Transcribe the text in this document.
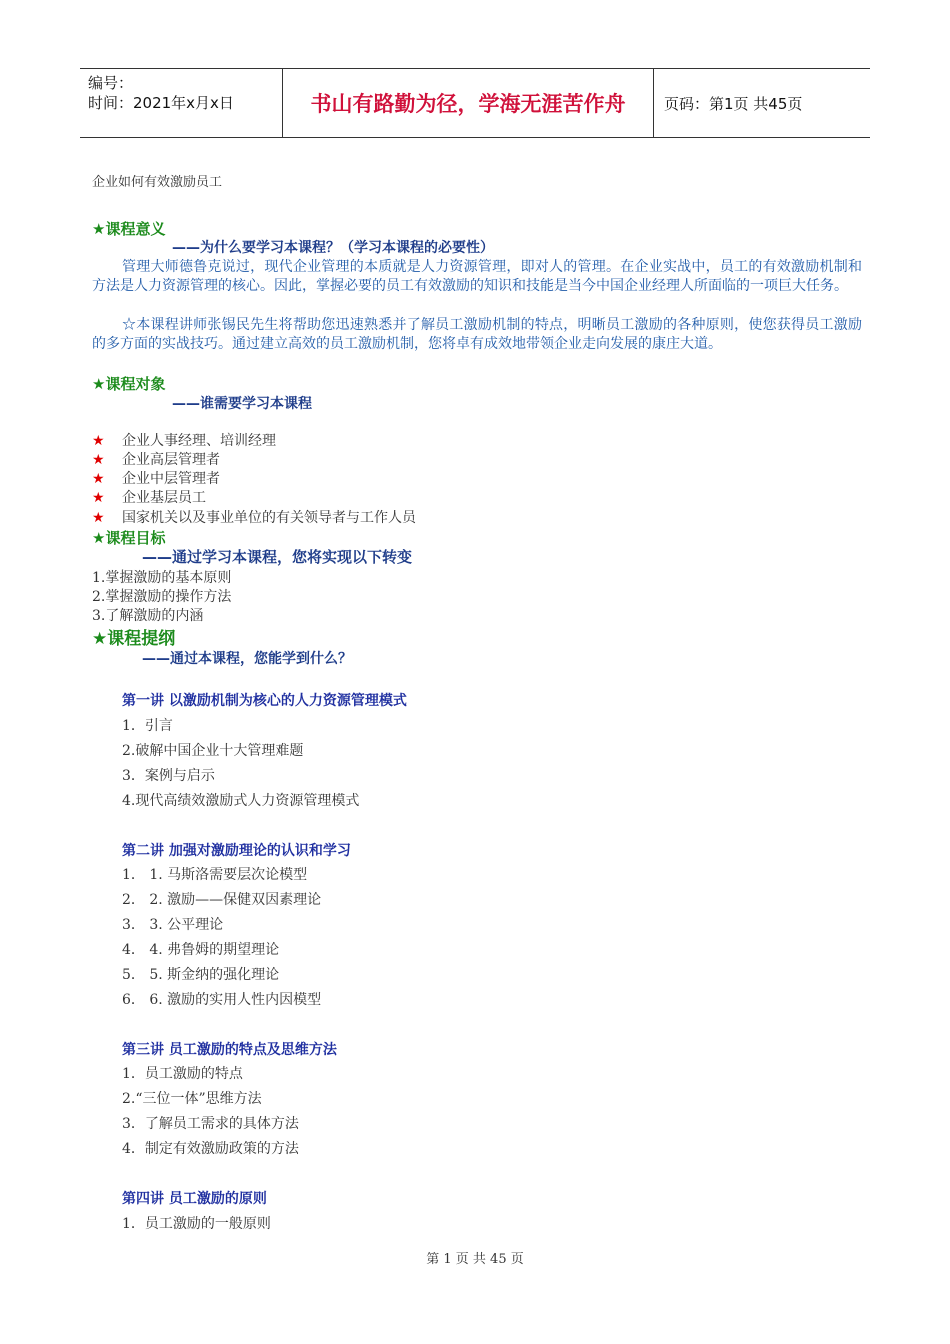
编号：
时间：2021年x月x日	书山有路勤为径，学海无涯苦作舟	页码：第1页 共45页
企业如何有效激励员工
★课程意义
——为什么要学习本课程？（学习本课程的必要性）
管理大师德鲁克说过，现代企业管理的本质就是人力资源管理，即对人的管理。在企业实战中，员工的有效激励机制和方法是人力资源管理的核心。因此，掌握必要的员工有效激励的知识和技能是当今中国企业经理人所面临的一项巨大任务。
☆本课程讲师张锡民先生将帮助您迅速熟悉并了解员工激励机制的特点，明晰员工激励的各种原则，使您获得员工激励的多方面的实战技巧。通过建立高效的员工激励机制，您将卓有成效地带领企业走向发展的康庄大道。
★课程对象
——谁需要学习本课程
★ 企业人事经理、培训经理
★ 企业高层管理者
★ 企业中层管理者
★ 企业基层员工
★ 国家机关以及事业单位的有关领导者与工作人员
★课程目标
——通过学习本课程，您将实现以下转变
1.掌握激励的基本原则
2.掌握激励的操作方法
3.了解激励的内涵
★课程提纲
——通过本课程，您能学到什么？
第一讲 以激励机制为核心的人力资源管理模式
1．引言
2.破解中国企业十大管理难题
3．案例与启示
4.现代高绩效激励式人力资源管理模式
第二讲 加强对激励理论的认识和学习
1． 1. 马斯洛需要层次论模型
2． 2. 激励——保健双因素理论
3． 3. 公平理论
4． 4. 弗鲁姆的期望理论
5． 5. 斯金纳的强化理论
6． 6. 激励的实用人性内因模型
第三讲 员工激励的特点及思维方法
1．员工激励的特点
2.“三位一体”思维方法
3．了解员工需求的具体方法
4．制定有效激励政策的方法
第四讲 员工激励的原则
1．员工激励的一般原则
第 1 页 共 45 页
